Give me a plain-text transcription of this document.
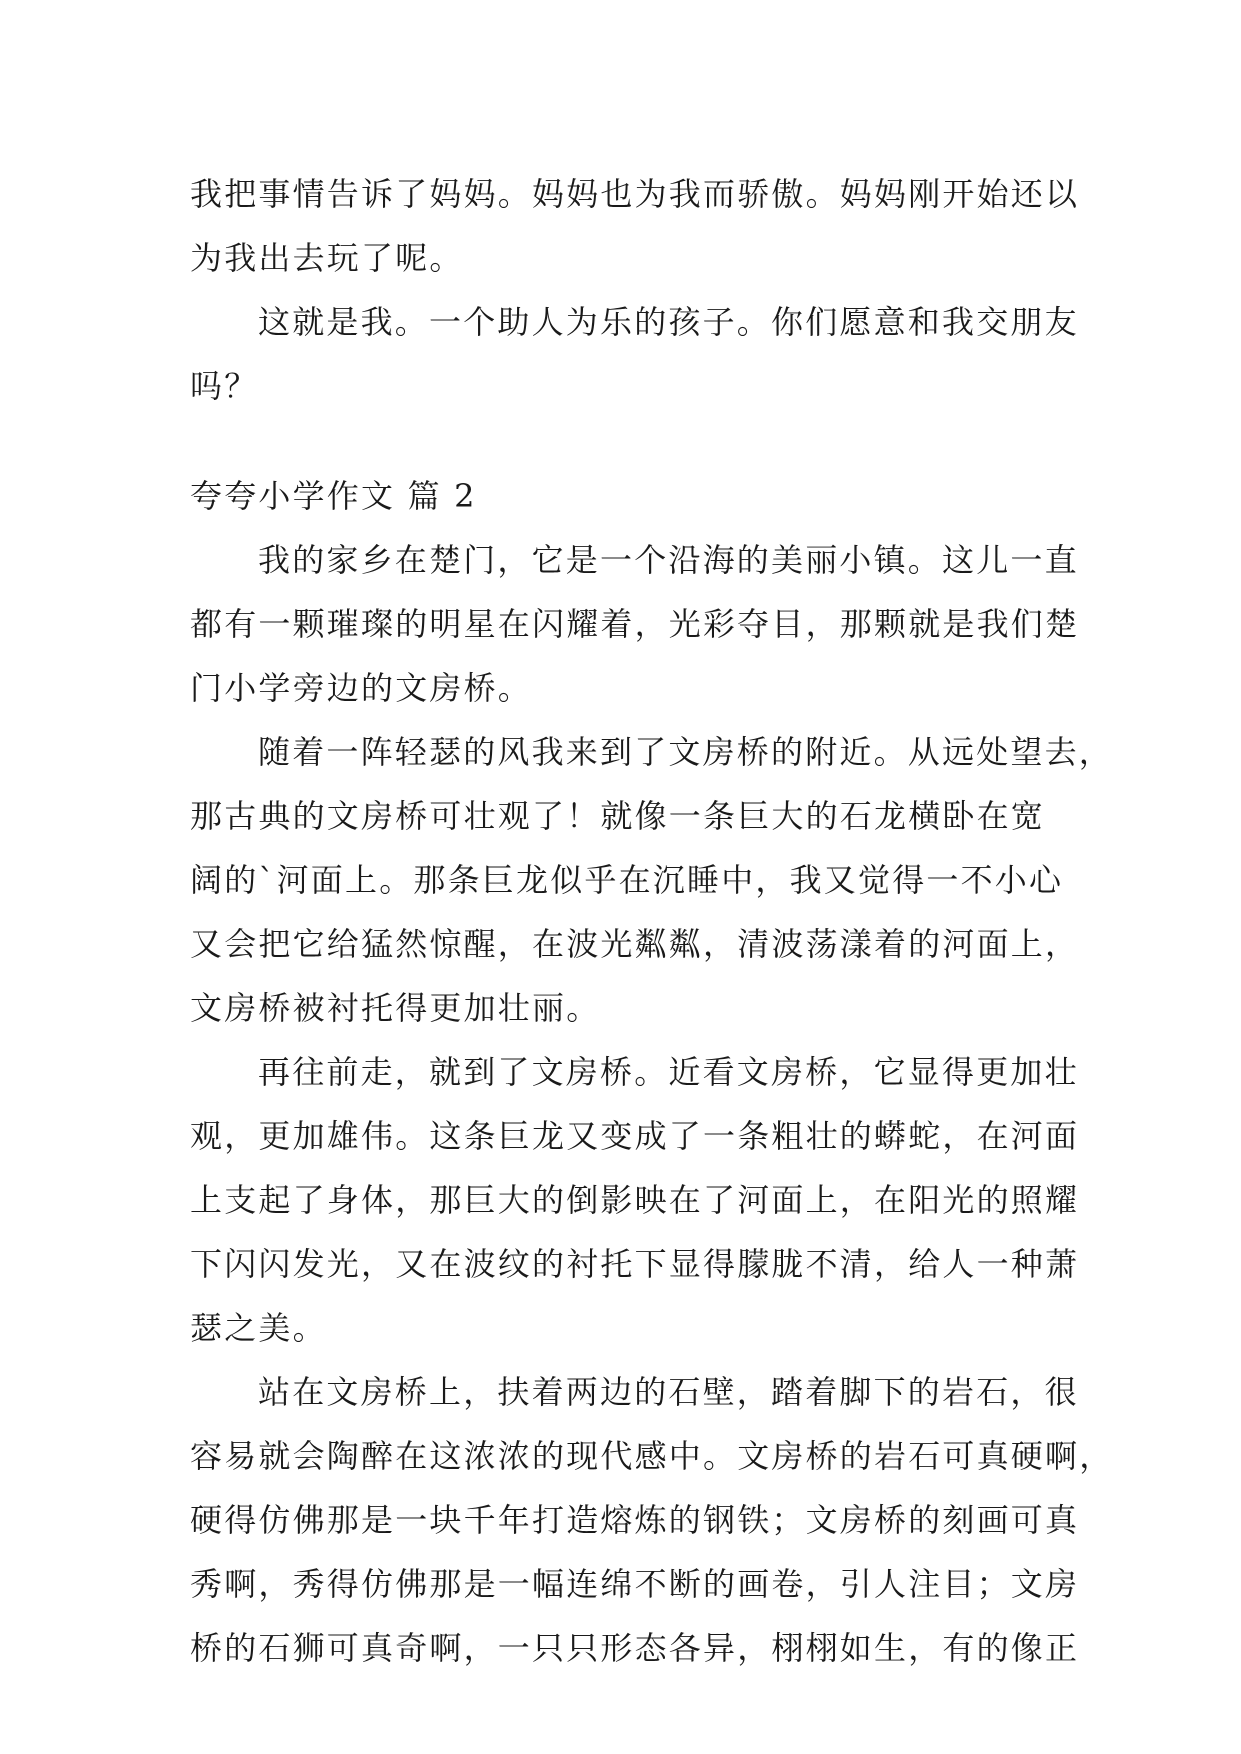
我把事情告诉了妈妈。妈妈也为我而骄傲。妈妈刚开始还以
为我出去玩了呢。
这就是我。一个助人为乐的孩子。你们愿意和我交朋友
吗？
夸夸小学作文 篇 2
我的家乡在楚门，它是一个沿海的美丽小镇。这儿一直
都有一颗璀璨的明星在闪耀着，光彩夺目，那颗就是我们楚
门小学旁边的文房桥。
随着一阵轻瑟的风我来到了文房桥的附近。从远处望去，
那古典的文房桥可壮观了！就像一条巨大的石龙横卧在宽
阔的`河面上。那条巨龙似乎在沉睡中，我又觉得一不小心
又会把它给猛然惊醒，在波光粼粼，清波荡漾着的河面上，
文房桥被衬托得更加壮丽。
再往前走，就到了文房桥。近看文房桥，它显得更加壮
观，更加雄伟。这条巨龙又变成了一条粗壮的蟒蛇，在河面
上支起了身体，那巨大的倒影映在了河面上，在阳光的照耀
下闪闪发光，又在波纹的衬托下显得朦胧不清，给人一种萧
瑟之美。
站在文房桥上，扶着两边的石壁，踏着脚下的岩石，很
容易就会陶醉在这浓浓的现代感中。文房桥的岩石可真硬啊，
硬得仿佛那是一块千年打造熔炼的钢铁；文房桥的刻画可真
秀啊，秀得仿佛那是一幅连绵不断的画卷，引人注目；文房
桥的石狮可真奇啊，一只只形态各异，栩栩如生，有的像正
